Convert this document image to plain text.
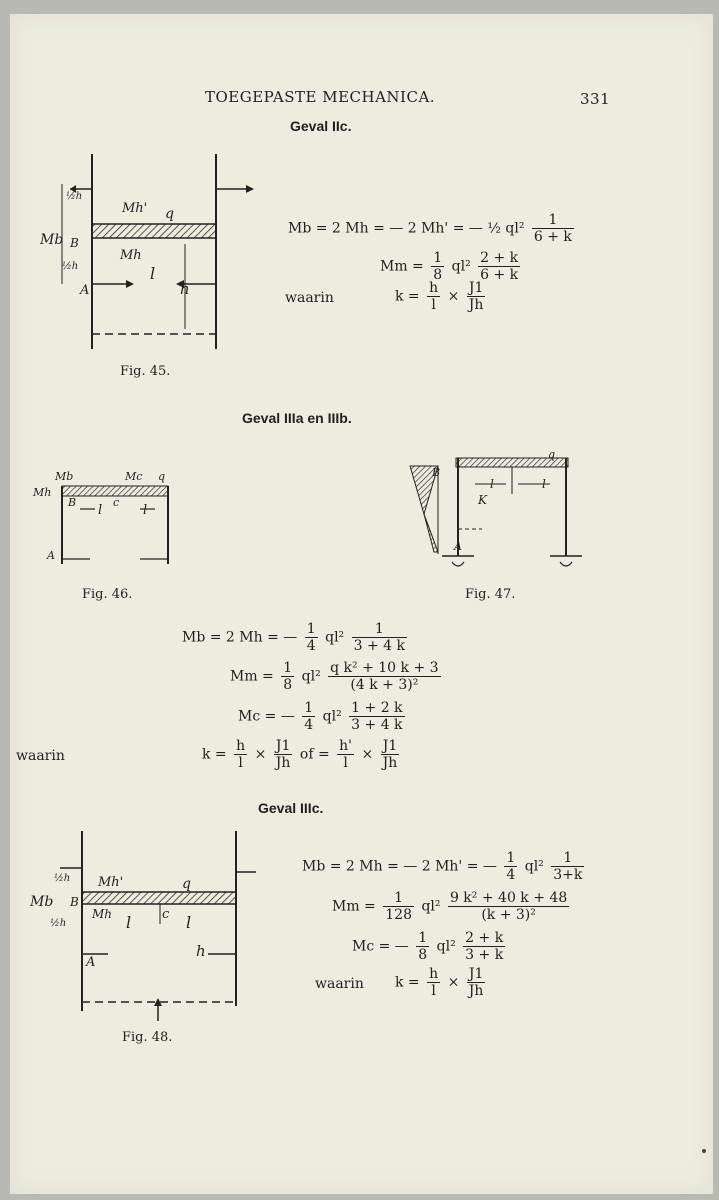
TOEGEPASTE MECHANICA.	331
Geval IIc.
Mh' q
Mb B
Mh
l
h
A
½h
½h
Fig. 45.
Mb = 2 Mh = — 2 Mh' = — ½ $ql^2 \frac{1}{6 + k}$
$Mm = \frac{1}{8} ql^2 \frac{2 + k}{6 + k}$
waarin	$k = \frac{h}{l} \times \frac{J1}{Jh}$
Geval IIIa en IIIb.
Mb	Mc q
Mh
B	c
l	l
A
Fig. 46.
B
q
l	l
K
A
Fig. 47.
Mb = 2 Mh = — $\frac{1}{4} ql^2 \frac{1}{3 + 4 k}$
$Mm = \frac{1}{8} ql^2 \frac{\text{q k² + 10 k + 3}}{\text{(4 k + 3)²}}$
Mc = — $\frac{1}{4} ql^2 \frac{1 + 2 k}{3 + 4 k}$
waarin	$k = \frac{h}{l} \times \frac{J1}{Jh}$ of = $\frac{h'}{l} \times \frac{J1}{Jh}$
Geval IIIc.
Mh'	q
Mb B
Mh l c l
h
A
½h
½h
Fig. 48.
Mb = 2 Mh = — 2 Mh' = — $\frac{1}{4} ql^2 \frac{1}{3+k}$
$Mm = \frac{1}{128} ql^2 \frac{\text{9 k² + 40 k + 48}}{\text{(k + 3)²}}$
Mc = — $\frac{1}{8} ql^2 \frac{2 + k}{3 + k}$
waarin $k = \frac{h}{l} \times \frac{J1}{Jh}$
